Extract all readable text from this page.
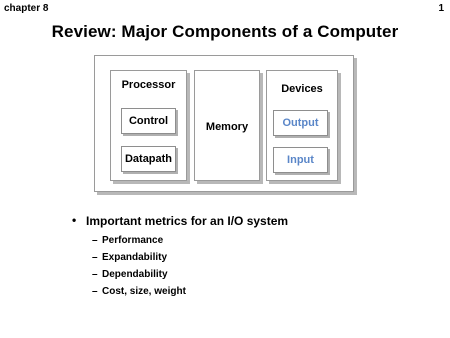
chapter 8	1
Review: Major Components of a Computer
Processor
Control
Datapath
Memory
Devices
Output
Input
• Important metrics for an I/O system
– Performance
– Expandability
– Dependability
– Cost, size, weight
